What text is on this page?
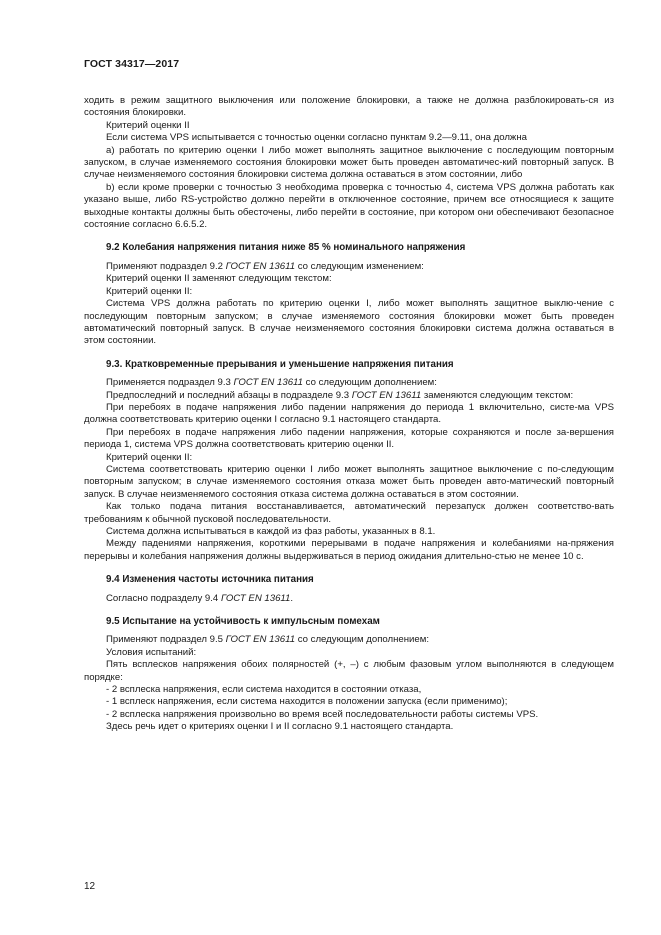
ГОСТ 34317—2017

ходить в режим защитного выключения или положение блокировки, а также не должна разблокировать-ся из состояния блокировки.

Критерий оценки II

Если система VPS испытывается с точностью оценки согласно пунктам 9.2—9.11, она должна

a) работать по критерию оценки I либо может выполнять защитное выключение с последующим повторным запуском, в случае изменяемого состояния блокировки может быть проведен автоматичес-кий повторный запуск. В случае неизменяемого состояния блокировки система должна оставаться в этом состоянии, либо

b) если кроме проверки с точностью 3 необходима проверка с точностью 4, система VPS должна работать как указано выше, либо RS-устройство должно перейти в отключенное состояние, причем все относящиеся к защите выходные контакты должны быть обесточены, либо перейти в состояние, при котором они обеспечивают безопасное состояние согласно 6.6.5.2.

9.2 Колебания напряжения питания ниже 85 % номинального напряжения

Применяют подраздел 9.2 ГОСТ EN 13611 со следующим изменением:

Критерий оценки II заменяют следующим текстом:

Критерий оценки II:

Система VPS должна работать по критерию оценки I, либо может выполнять защитное выклю-чение с последующим повторным запуском; в случае изменяемого состояния блокировки может быть проведен автоматический повторный запуск. В случае неизменяемого состояния блокировки система должна оставаться в этом состоянии.

9.3. Кратковременные прерывания и уменьшение напряжения питания

Применяется подраздел 9.3 ГОСТ EN 13611 со следующим дополнением:

Предпоследний и последний абзацы в подразделе 9.3 ГОСТ EN 13611 заменяются следующим текстом:

При перебоях в подаче напряжения либо падении напряжения до периода 1 включительно, систе-ма VPS должна соответствовать критерию оценки I согласно 9.1 настоящего стандарта.

При перебоях в подаче напряжения либо падении напряжения, которые сохраняются и после за-вершения периода 1, система VPS должна соответствовать критерию оценки II.

Критерий оценки II:

Система соответствовать критерию оценки I либо может выполнять защитное выключение с по-следующим повторным запуском; в случае изменяемого состояния отказа может быть проведен авто-матический повторный запуск. В случае неизменяемого состояния отказа система должна оставаться в этом состоянии.

Как только подача питания восстанавливается, автоматический перезапуск должен соответство-вать требованиям к обычной пусковой последовательности.

Система должна испытываться в каждой из фаз работы, указанных в 8.1.

Между падениями напряжения, короткими перерывами в подаче напряжения и колебаниями на-пряжения перерывы и колебания напряжения должны выдерживаться в период ожидания длительно-стью не менее 10 с.

9.4 Изменения частоты источника питания

Согласно подразделу 9.4 ГОСТ EN 13611.

9.5 Испытание на устойчивость к импульсным помехам

Применяют подраздел 9.5 ГОСТ EN 13611 со следующим дополнением:

Условия испытаний:

Пять всплесков напряжения обоих полярностей (+, –) с любым фазовым углом выполняются в следующем порядке:

- 2 всплеска напряжения, если система находится в состоянии отказа,

- 1 всплеск напряжения, если система находится в положении запуска (если применимо);

- 2 всплеска напряжения произвольно во время всей последовательности работы системы VPS.

Здесь речь идет о критериях оценки I и II согласно 9.1 настоящего стандарта.

12
